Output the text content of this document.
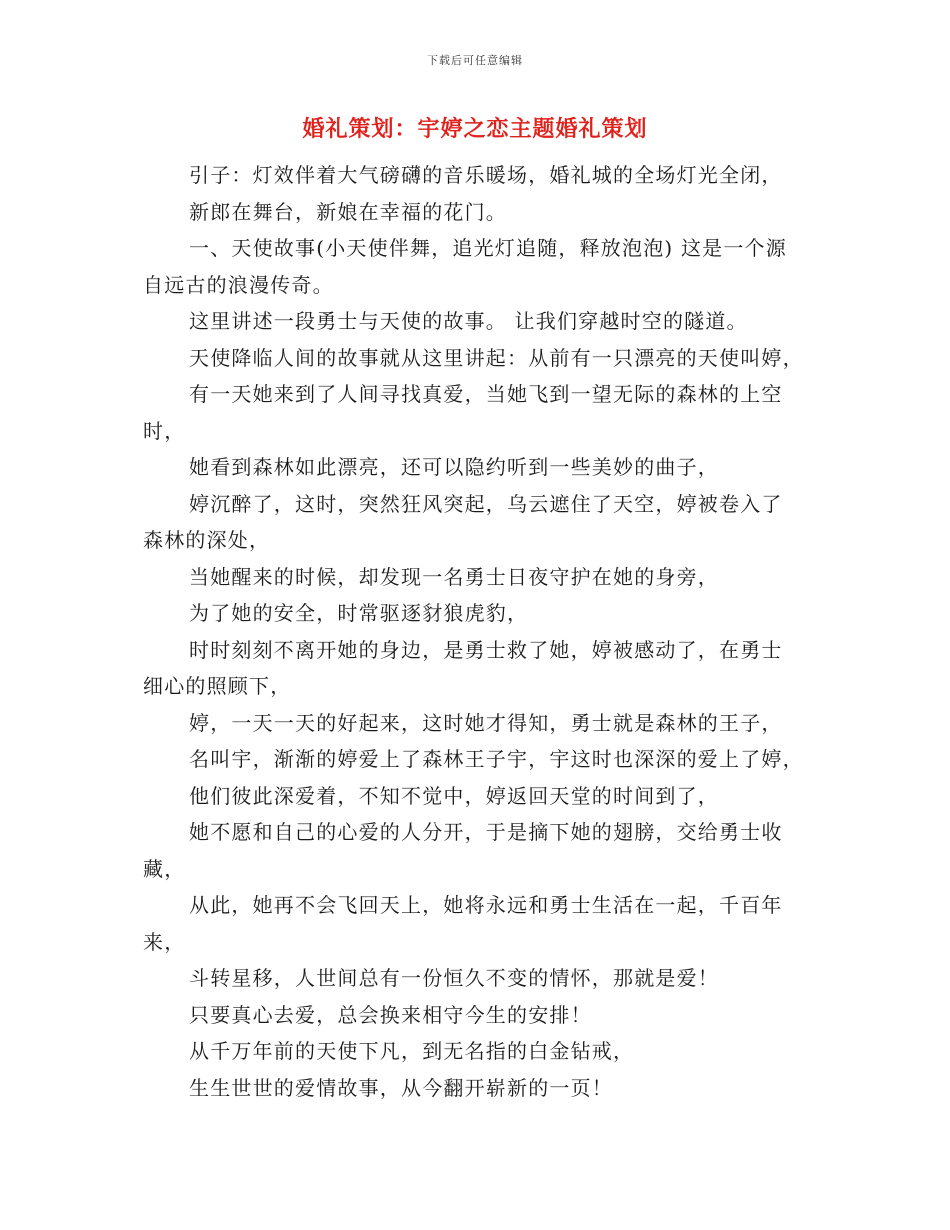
下载后可任意编辑
婚礼策划：宇婷之恋主题婚礼策划
引子：灯效伴着大气磅礴的音乐暖场，婚礼城的全场灯光全闭，
新郎在舞台，新娘在幸福的花门。
一、天使故事(小天使伴舞，追光灯追随，释放泡泡) 这是一个源
自远古的浪漫传奇。
这里讲述一段勇士与天使的故事。 让我们穿越时空的隧道。
天使降临人间的故事就从这里讲起：从前有一只漂亮的天使叫婷，
有一天她来到了人间寻找真爱，当她飞到一望无际的森林的上空
时，
她看到森林如此漂亮，还可以隐约听到一些美妙的曲子，
婷沉醉了，这时，突然狂风突起，乌云遮住了天空，婷被卷入了
森林的深处，
当她醒来的时候，却发现一名勇士日夜守护在她的身旁，
为了她的安全，时常驱逐豺狼虎豹，
时时刻刻不离开她的身边，是勇士救了她，婷被感动了，在勇士
细心的照顾下，
婷，一天一天的好起来，这时她才得知，勇士就是森林的王子，
名叫宇，渐渐的婷爱上了森林王子宇，宇这时也深深的爱上了婷，
他们彼此深爱着，不知不觉中，婷返回天堂的时间到了，
她不愿和自己的心爱的人分开，于是摘下她的翅膀，交给勇士收
藏，
从此，她再不会飞回天上，她将永远和勇士生活在一起，千百年
来，
斗转星移，人世间总有一份恒久不变的情怀，那就是爱！
只要真心去爱，总会换来相守今生的安排！
从千万年前的天使下凡，到无名指的白金钻戒，
生生世世的爱情故事，从今翻开崭新的一页！
